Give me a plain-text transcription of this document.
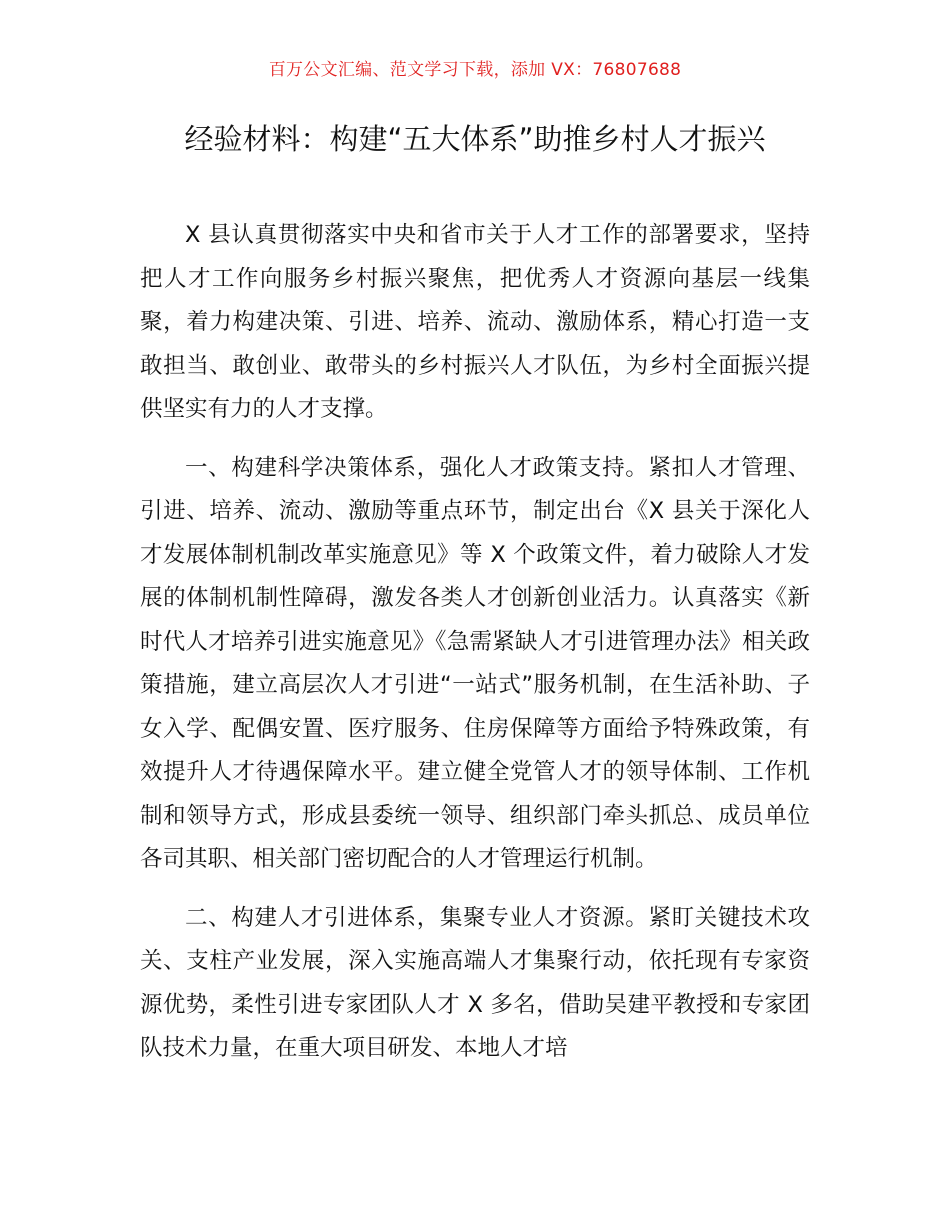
百万公文汇编、范文学习下载，添加 VX：76807688
经验材料：构建“五大体系”助推乡村人才振兴

X 县认真贯彻落实中央和省市关于人才工作的部署要求，坚持把人才工作向服务乡村振兴聚焦，把优秀人才资源向基层一线集聚，着力构建决策、引进、培养、流动、激励体系，精心打造一支敢担当、敢创业、敢带头的乡村振兴人才队伍，为乡村全面振兴提供坚实有力的人才支撑。

一、构建科学决策体系，强化人才政策支持。紧扣人才管理、引进、培养、流动、激励等重点环节，制定出台《X 县关于深化人才发展体制机制改革实施意见》等 X 个政策文件，着力破除人才发展的体制机制性障碍，激发各类人才创新创业活力。认真落实《新时代人才培养引进实施意见》《急需紧缺人才引进管理办法》相关政策措施，建立高层次人才引进“一站式”服务机制，在生活补助、子女入学、配偶安置、医疗服务、住房保障等方面给予特殊政策，有效提升人才待遇保障水平。建立健全党管人才的领导体制、工作机制和领导方式，形成县委统一领导、组织部门牵头抓总、成员单位各司其职、相关部门密切配合的人才管理运行机制。

二、构建人才引进体系，集聚专业人才资源。紧盯关键技术攻关、支柱产业发展，深入实施高端人才集聚行动，依托现有专家资源优势，柔性引进专家团队人才 X 多名，借助吴建平教授和专家团队技术力量，在重大项目研发、本地人才培
